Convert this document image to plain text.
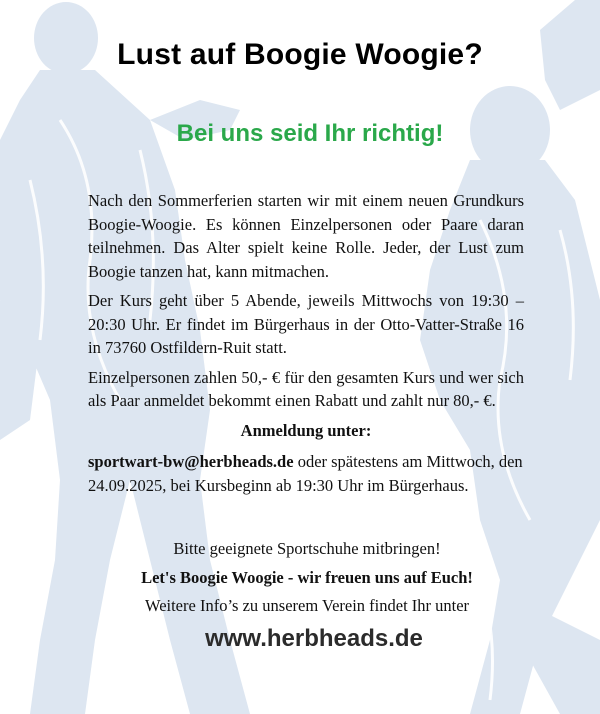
Lust auf Boogie Woogie?
Bei uns seid Ihr richtig!

Nach den Sommerferien starten wir mit einem neuen Grundkurs Boogie-Woogie. Es können Einzelpersonen oder Paare daran teilnehmen. Das Alter spielt keine Rolle. Jeder, der Lust zum Boogie tanzen hat, kann mitmachen.

Der Kurs geht über 5 Abende, jeweils Mittwochs von 19:30 – 20:30 Uhr. Er findet im Bürgerhaus in der Otto-Vatter-Straße 16 in 73760 Ostfildern-Ruit statt.

Einzelpersonen zahlen 50,- € für den gesamten Kurs und wer sich als Paar anmeldet bekommt einen Rabatt und zahlt nur 80,- €.

Anmeldung unter:

sportwart-bw@herbheads.de oder spätestens am Mittwoch, den 24.09.2025, bei Kursbeginn ab 19:30 Uhr im Bürgerhaus.

Bitte geeignete Sportschuhe mitbringen!
Let's Boogie Woogie - wir freuen uns auf Euch!
Weitere Info’s zu unserem Verein findet Ihr unter
www.herbheads.de
